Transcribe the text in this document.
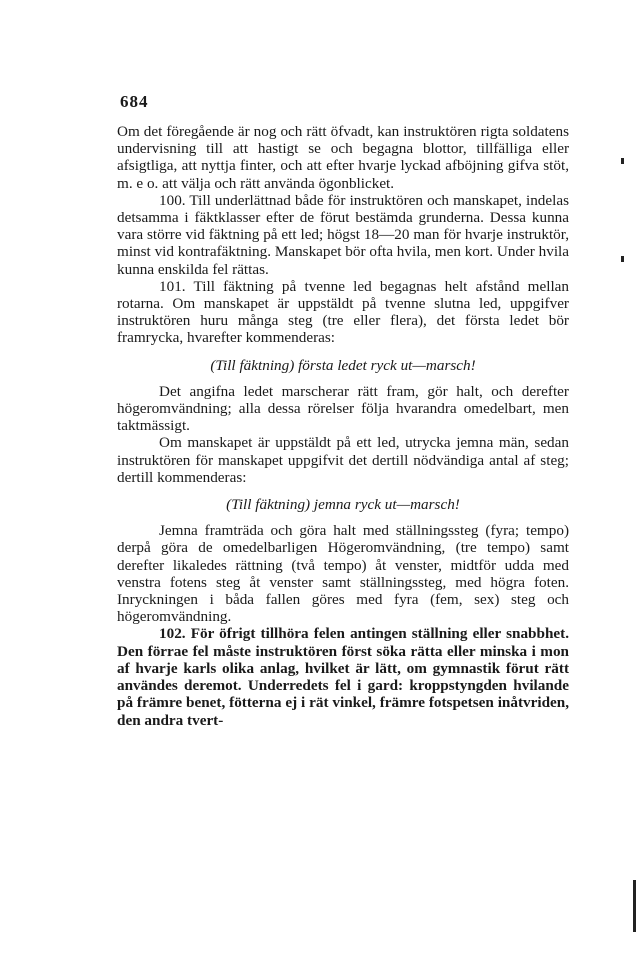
684

Om det föregående är nog och rätt öfvadt, kan instruktören rigta soldatens undervisning till att hastigt se och begagna blottor, tillfälliga eller afsigtliga, att nyttja finter, och att efter hvarje lyckad afböjning gifva stöt, m. e o. att välja och rätt använda ögonblicket.

100. Till underlättnad både för instruktören och manskapet, indelas detsamma i fäktklasser efter de förut bestämda grunderna. Dessa kunna vara större vid fäktning på ett led; högst 18—20 man för hvarje instruktör, minst vid kontrafäktning. Manskapet bör ofta hvila, men kort. Under hvila kunna enskilda fel rättas.

101. Till fäktning på tvenne led begagnas helt afstånd mellan rotarna. Om manskapet är uppstäldt på tvenne slutna led, uppgifver instruktören huru många steg (tre eller flera), det första ledet bör framrycka, hvarefter kommenderas:

(Till fäktning) första ledet ryck ut—marsch!

Det angifna ledet marscherar rätt fram, gör halt, och derefter högeromvändning; alla dessa rörelser följa hvarandra omedelbart, men taktmässigt.

Om manskapet är uppstäldt på ett led, utrycka jemna män, sedan instruktören för manskapet uppgifvit det dertill nödvändiga antal af steg; dertill kommenderas:

(Till fäktning) jemna ryck ut—marsch!

Jemna framträda och göra halt med ställningssteg (fyra; tempo) derpå göra de omedelbarligen Högeromvändning, (tre tempo) samt derefter likaledes rättning (två tempo) åt venster, midtför udda med venstra fotens steg åt venster samt ställningssteg, med högra foten. Inryckningen i båda fallen göres med fyra (fem, sex) steg och högeromvändning.

102. För öfrigt tillhöra felen antingen ställning eller snabbhet. Den förrae fel måste instruktören först söka rätta eller minska i mon af hvarje karls olika anlag, hvilket är lätt, om gymnastik förut rätt användes deremot. Underredets fel i gard: kroppstyngden hvilande på främre benet, fötterna ej i rät vinkel, främre fotspetsen inåtvriden, den andra tvert-
